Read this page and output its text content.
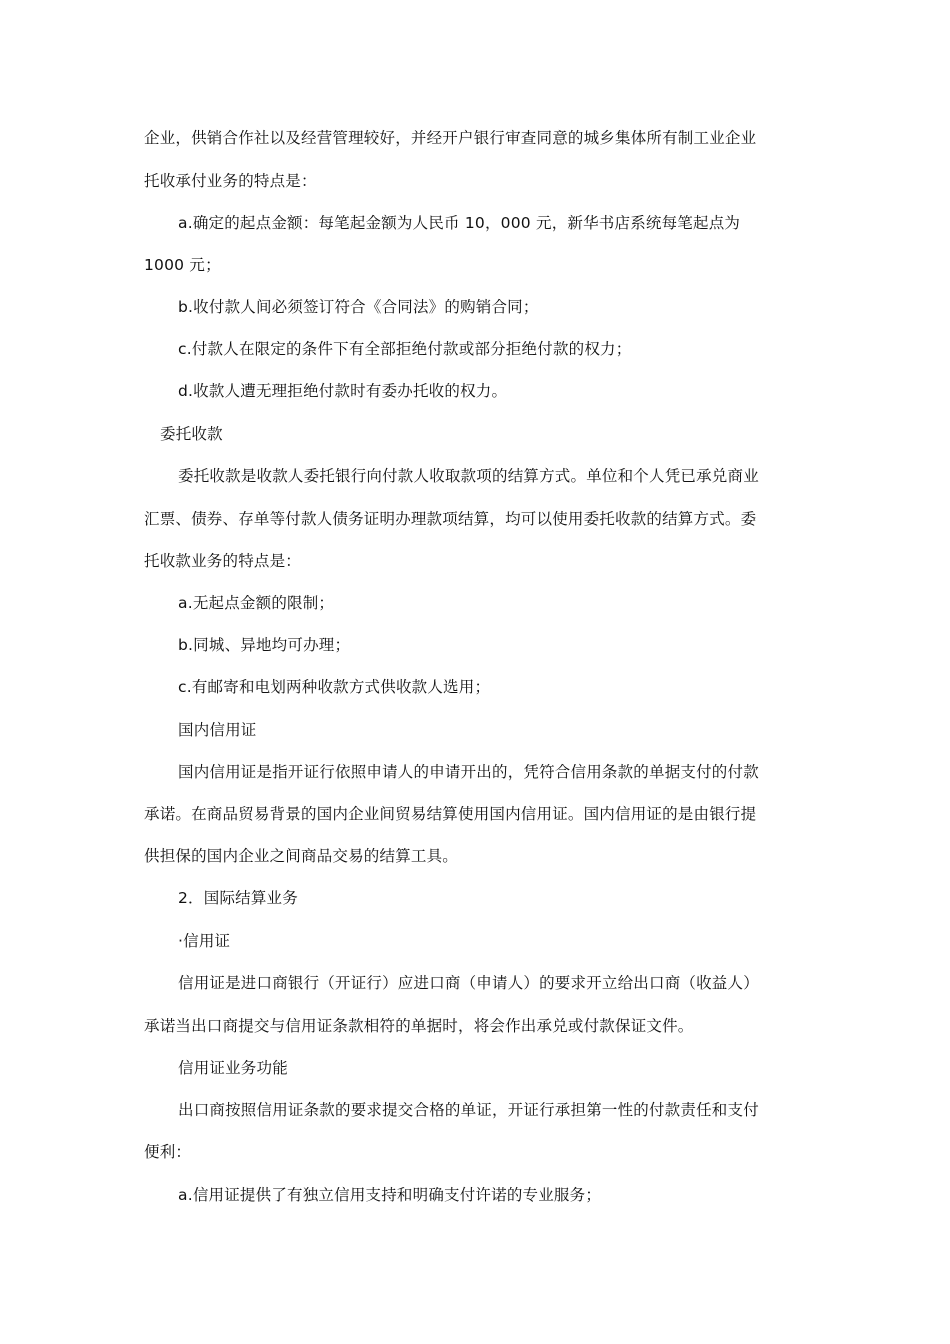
企业，供销合作社以及经营管理较好，并经开户银行审查同意的城乡集体所有制工业企业
托收承付业务的特点是：
a.确定的起点金额：每笔起金额为人民币 10，000 元，新华书店系统每笔起点为
1000 元；
b.收付款人间必须签订符合《合同法》的购销合同；
c.付款人在限定的条件下有全部拒绝付款或部分拒绝付款的权力；
d.收款人遭无理拒绝付款时有委办托收的权力。
委托收款
委托收款是收款人委托银行向付款人收取款项的结算方式。单位和个人凭已承兑商业
汇票、债券、存单等付款人债务证明办理款项结算，均可以使用委托收款的结算方式。委
托收款业务的特点是：
a.无起点金额的限制；
b.同城、异地均可办理；
c.有邮寄和电划两种收款方式供收款人选用；
国内信用证
国内信用证是指开证行依照申请人的申请开出的，凭符合信用条款的单据支付的付款
承诺。在商品贸易背景的国内企业间贸易结算使用国内信用证。国内信用证的是由银行提
供担保的国内企业之间商品交易的结算工具。
2．国际结算业务
·信用证
信用证是进口商银行（开证行）应进口商（申请人）的要求开立给出口商（收益人）
承诺当出口商提交与信用证条款相符的单据时，将会作出承兑或付款保证文件。
信用证业务功能
出口商按照信用证条款的要求提交合格的单证，开证行承担第一性的付款责任和支付
便利：
a.信用证提供了有独立信用支持和明确支付许诺的专业服务；
